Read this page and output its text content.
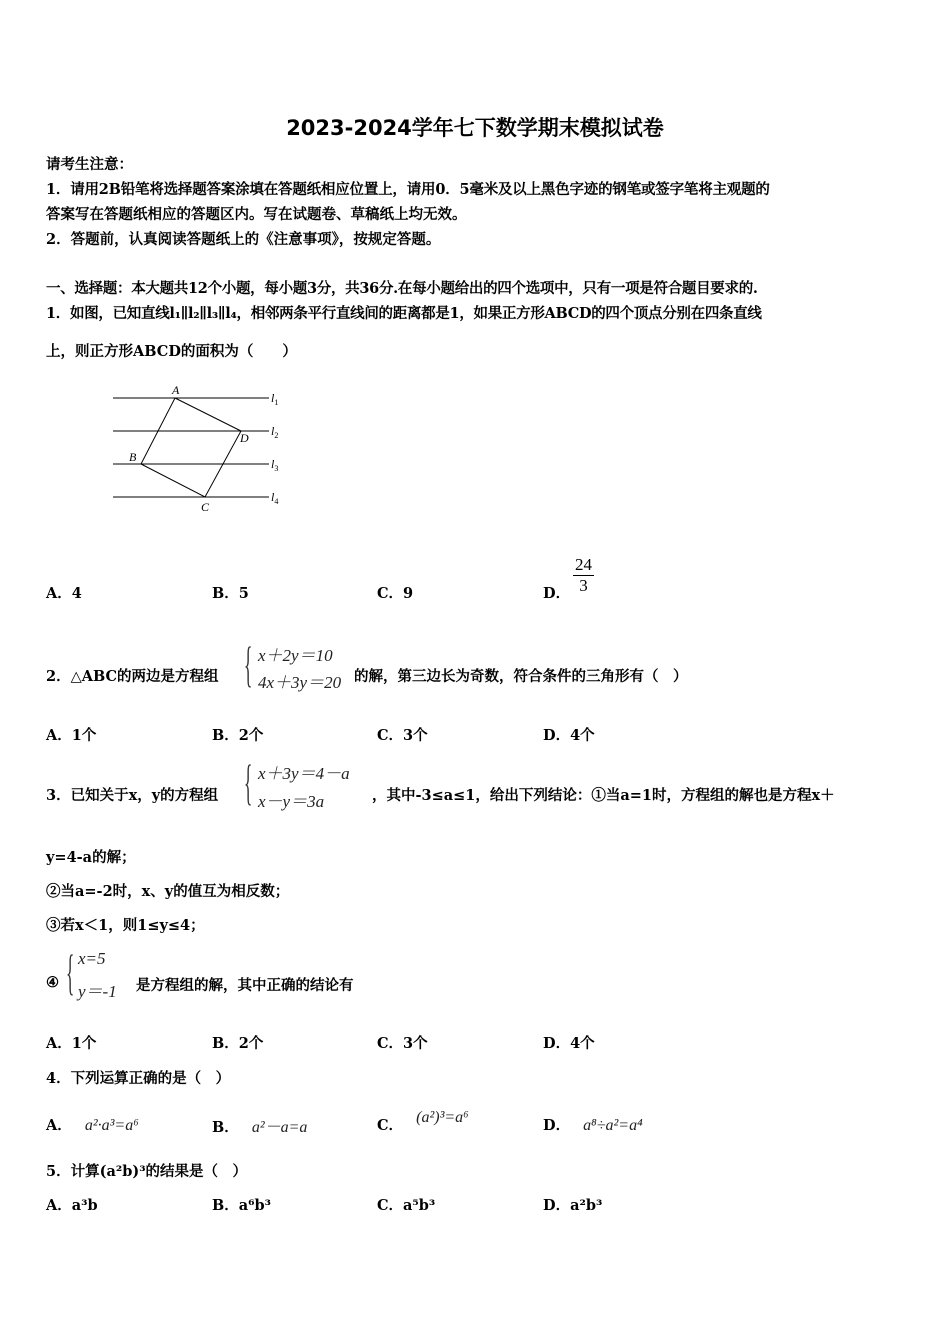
2023-2024学年七下数学期末模拟试卷
请考生注意：
1．请用2B铅笔将选择题答案涂填在答题纸相应位置上，请用0．5毫米及以上黑色字迹的钢笔或签字笔将主观题的
答案写在答题纸相应的答题区内。写在试题卷、草稿纸上均无效。
2．答题前，认真阅读答题纸上的《注意事项》，按规定答题。
一、选择题：本大题共12个小题，每小题3分，共36分.在每小题给出的四个选项中，只有一项是符合题目要求的.
1．如图，已知直线l₁∥l₂∥l₃∥l₄，相邻两条平行直线间的距离都是1，如果正方形ABCD的四个顶点分别在四条直线
上，则正方形ABCD的面积为（　　）
A
D
B
C
$l_1$
$l_2$
$l_3$
$l_4$
A．4	B．5	C．9	D． $\frac{24}{3}$
2．△ABC的两边是方程组 { x＋2y＝10
4x＋3y＝20 的解，第三边长为奇数，符合条件的三角形有（　）
A．1个	B．2个	C．3个	D．4个
3．已知关于x，y的方程组 { x＋3y＝4－a
x－y＝3a	，其中-3≤a≤1，给出下列结论：①当a=1时，方程组的解也是方程x＋
y=4-a的解；
②当a=-2时，x、y的值互为相反数；
③若x＜1，则1≤y≤4；
④ { x=5
y＝-1 是方程组的解，其中正确的结论有
A．1个	B．2个	C．3个	D．4个
4．下列运算正确的是（　）
A． a²·a³=a⁶	B． a²－a=a	C． (a²)³=a⁶	D． a⁸÷a²=a⁴
5．计算(a²b)³的结果是（　）
A．a³b	B．a⁶b³	C．a⁵b³	D．a²b³
